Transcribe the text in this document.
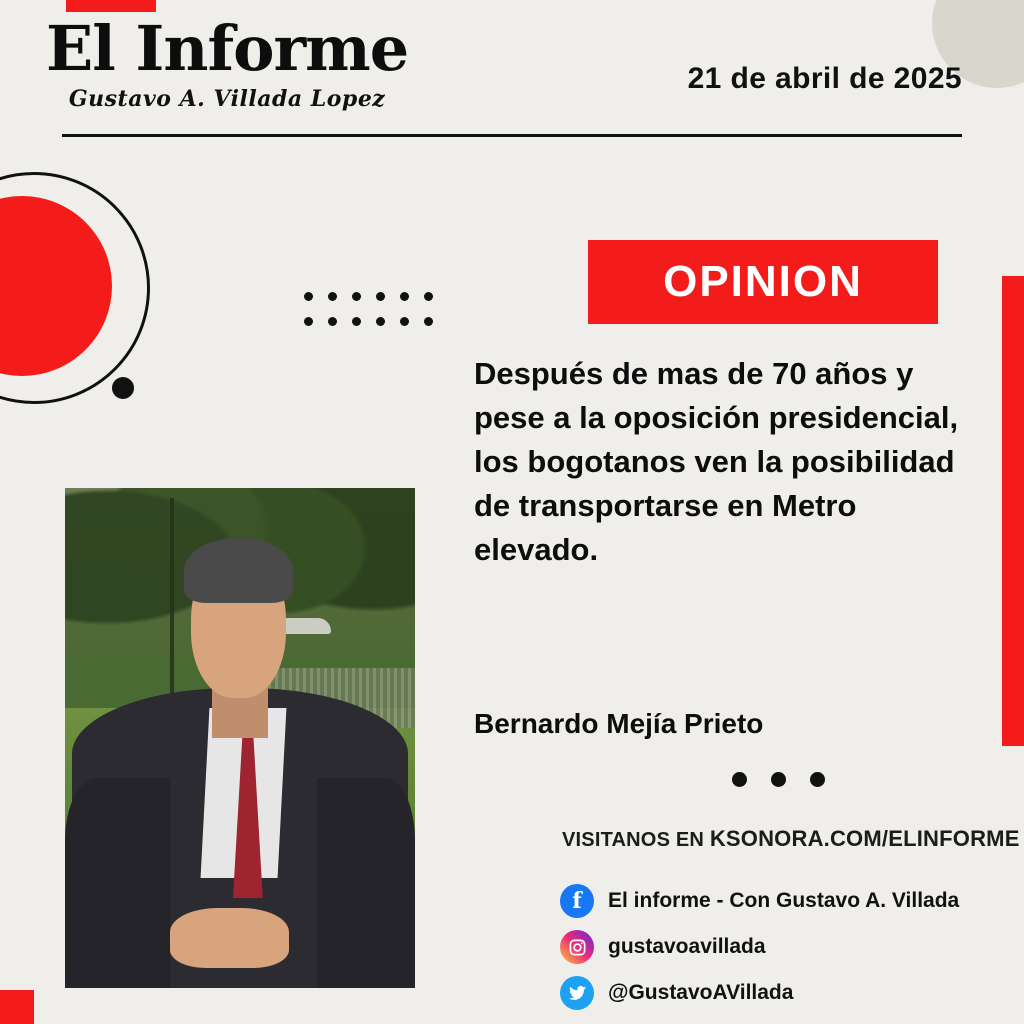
El Informe
Gustavo A. Villada Lopez
21 de abril de 2025
OPINION
Después de mas de 70 años y pese a la oposición presidencial, los bogotanos ven la posibilidad de transportarse en Metro elevado.
Bernardo Mejía Prieto
VISITANOS EN KSONORA.COM/ELINFORME
f	El informe - Con Gustavo A. Villada
gustavoavillada
@GustavoAVillada
